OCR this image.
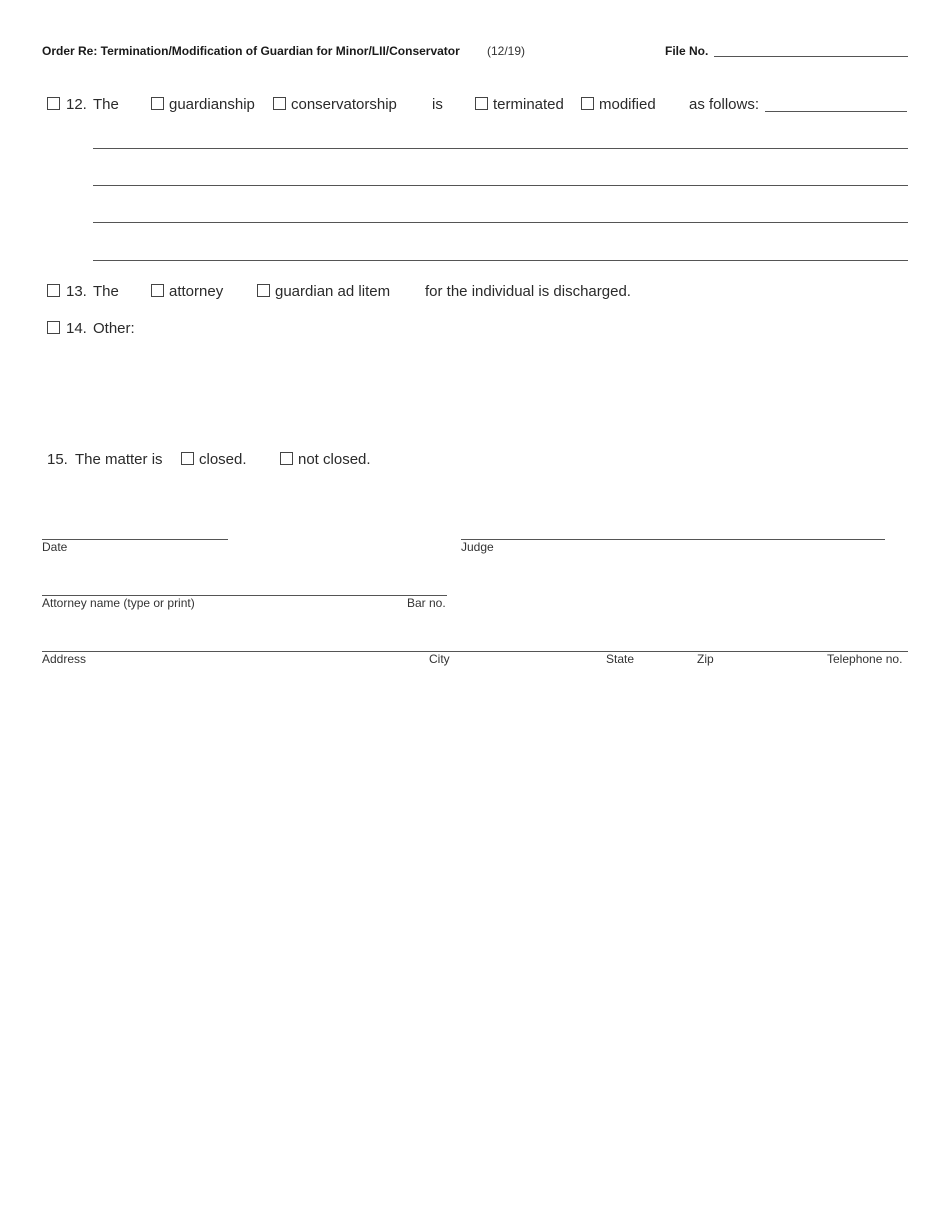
Order Re: Termination/Modification of Guardian for Minor/LII/Conservator (12/19)	File No.
12. The	guardianship conservatorship is	terminated modified as follows:
13. The	attorney	guardian ad litem for the individual is discharged.
14. Other:
15. The matter is closed.	not closed.
Date	Judge
Attorney name (type or print)	Bar no.
Address	City	State	Zip	Telephone no.
